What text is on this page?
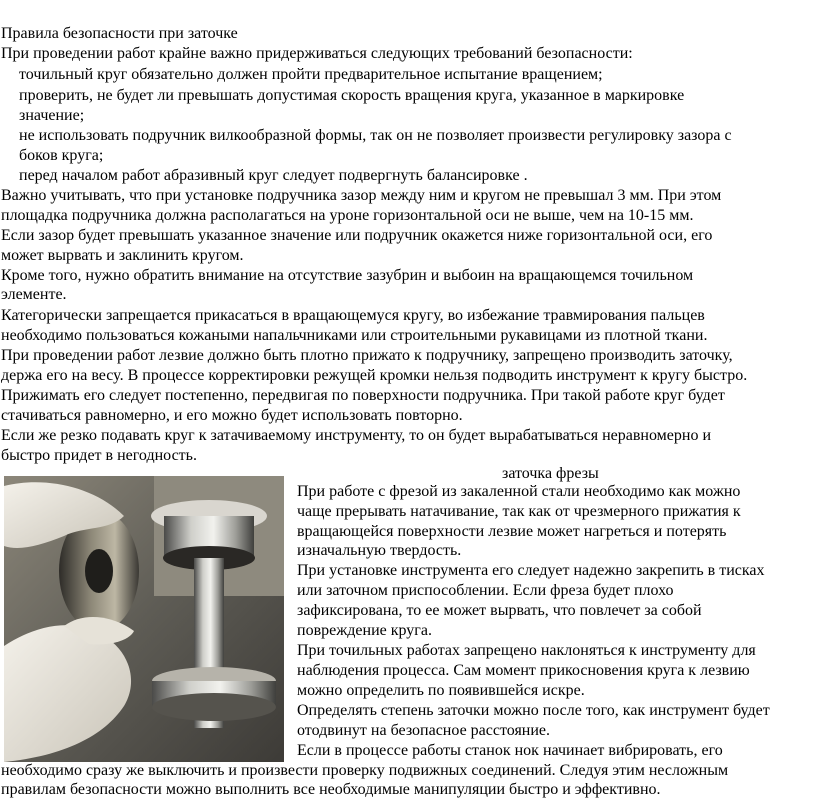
Правила безопасности при заточке
При проведении работ крайне важно придерживаться следующих требований безопасности:
точильный круг обязательно должен пройти предварительное испытание вращением;
проверить, не будет ли превышать допустимая скорость вращения круга, указанное в маркировке
значение;
не использовать подручник вилкообразной формы, так он не позволяет произвести регулировку зазора с
боков круга;
перед началом работ абразивный круг следует подвергнуть балансировке .
Важно учитывать, что при установке подручника зазор между ним и кругом не превышал 3 мм. При этом
площадка подручника должна располагаться на уроне горизонтальной оси не выше, чем на 10-15 мм.
Если зазор будет превышать указанное значение или подручник окажется ниже горизонтальной оси, его
может вырвать и заклинить кругом.
Кроме того, нужно обратить внимание на отсутствие зазубрин и выбоин на вращающемся точильном
элементе.
Категорически запрещается прикасаться в вращающемуся кругу, во избежание травмирования пальцев
необходимо пользоваться кожаными напальчниками или строительными рукавицами из плотной ткани.
При проведении работ лезвие должно быть плотно прижато к подручнику, запрещено производить заточку,
держа его на весу. В процессе корректировки режущей кромки нельзя подводить инструмент к кругу быстро.
Прижимать его следует постепенно, передвигая по поверхности подручника. При такой работе круг будет
стачиваться равномерно, и его можно будет использовать повторно.
Если же резко подавать круг к затачиваемому инструменту, то он будет вырабатываться неравномерно и
быстро придет в негодность.
заточка фрезы
При работе с фрезой из закаленной стали необходимо как можно
чаще прерывать натачивание, так как от чрезмерного прижатия к
вращающейся поверхности лезвие может нагреться и потерять
изначальную твердость.
При установке инструмента его следует надежно закрепить в тисках
или заточном приспособлении. Если фреза будет плохо
зафиксирована, то ее может вырвать, что повлечет за собой
повреждение круга.
При точильных работах запрещено наклоняться к инструменту для
наблюдения процесса. Сам момент прикосновения круга к лезвию
можно определить по появившейся искре.
Определять степень заточки можно после того, как инструмент будет
отодвинут на безопасное расстояние.
Если в процессе работы станок нок начинает вибрировать, его
необходимо сразу же выключить и произвести проверку подвижных соединений. Следуя этим несложным
правилам безопасности можно выполнить все необходимые манипуляции быстро и эффективно.
